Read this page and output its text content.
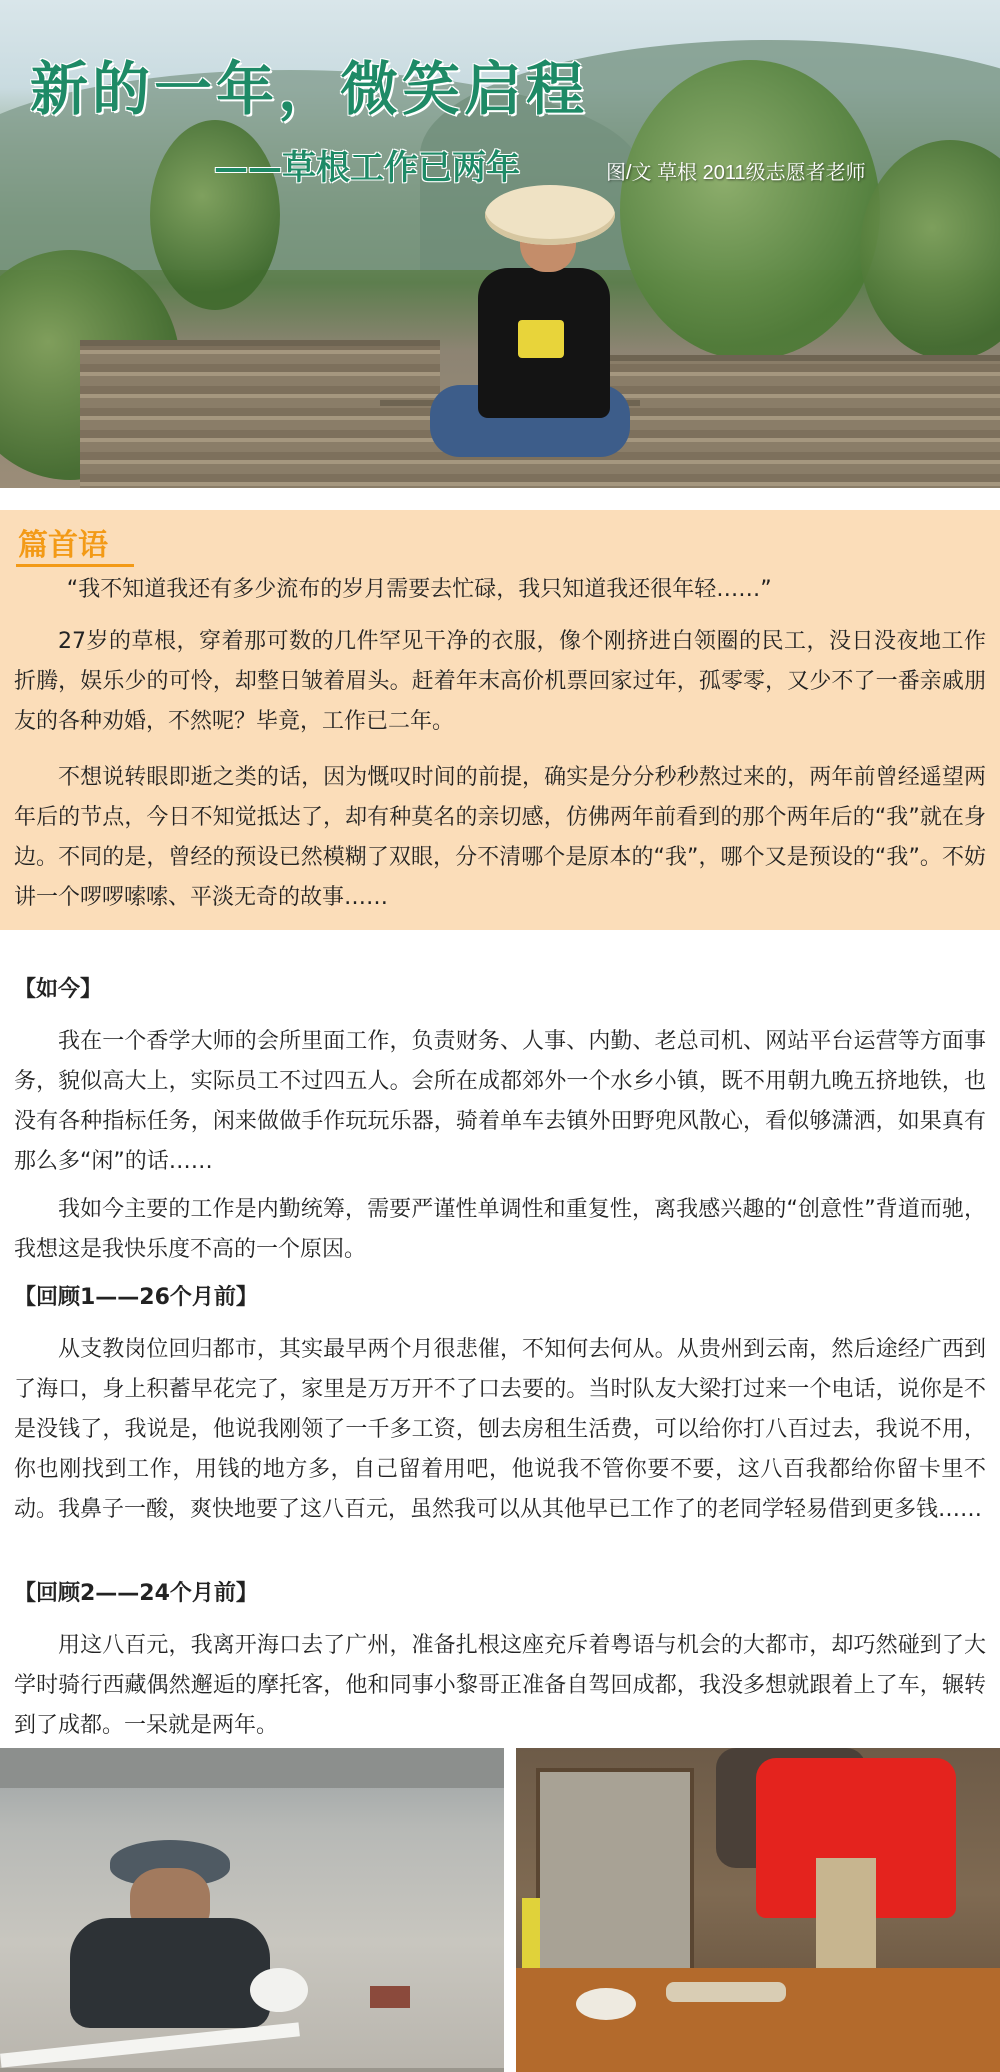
新的一年，微笑启程
——草根工作已两年	图/文 草根 2011级志愿者老师
篇首语

“我不知道我还有多少流布的岁月需要去忙碌，我只知道我还很年轻……”

27岁的草根，穿着那可数的几件罕见干净的衣服，像个刚挤进白领圈的民工，没日没夜地工作折腾，娱乐少的可怜，却整日皱着眉头。赶着年末高价机票回家过年，孤零零，又少不了一番亲戚朋友的各种劝婚，不然呢？毕竟，工作已二年。

不想说转眼即逝之类的话，因为慨叹时间的前提，确实是分分秒秒熬过来的，两年前曾经遥望两年后的节点，今日不知觉抵达了，却有种莫名的亲切感，仿佛两年前看到的那个两年后的“我”就在身边。不同的是，曾经的预设已然模糊了双眼，分不清哪个是原本的“我”，哪个又是预设的“我”。不妨讲一个啰啰嗦嗦、平淡无奇的故事……

【如今】

我在一个香学大师的会所里面工作，负责财务、人事、内勤、老总司机、网站平台运营等方面事务，貌似高大上，实际员工不过四五人。会所在成都郊外一个水乡小镇，既不用朝九晚五挤地铁，也没有各种指标任务，闲来做做手作玩玩乐器，骑着单车去镇外田野兜风散心，看似够潇洒，如果真有那么多“闲”的话……

我如今主要的工作是内勤统筹，需要严谨性单调性和重复性，离我感兴趣的“创意性”背道而驰，我想这是我快乐度不高的一个原因。

【回顾1——26个月前】

从支教岗位回归都市，其实最早两个月很悲催，不知何去何从。从贵州到云南，然后途经广西到了海口，身上积蓄早花完了，家里是万万开不了口去要的。当时队友大梁打过来一个电话，说你是不是没钱了，我说是，他说我刚领了一千多工资，刨去房租生活费，可以给你打八百过去，我说不用，你也刚找到工作，用钱的地方多，自己留着用吧，他说我不管你要不要，这八百我都给你留卡里不动。我鼻子一酸，爽快地要了这八百元，虽然我可以从其他早已工作了的老同学轻易借到更多钱……

【回顾2——24个月前】

用这八百元，我离开海口去了广州，准备扎根这座充斥着粤语与机会的大都市，却巧然碰到了大学时骑行西藏偶然邂逅的摩托客，他和同事小黎哥正准备自驾回成都，我没多想就跟着上了车，辗转到了成都。一呆就是两年。
